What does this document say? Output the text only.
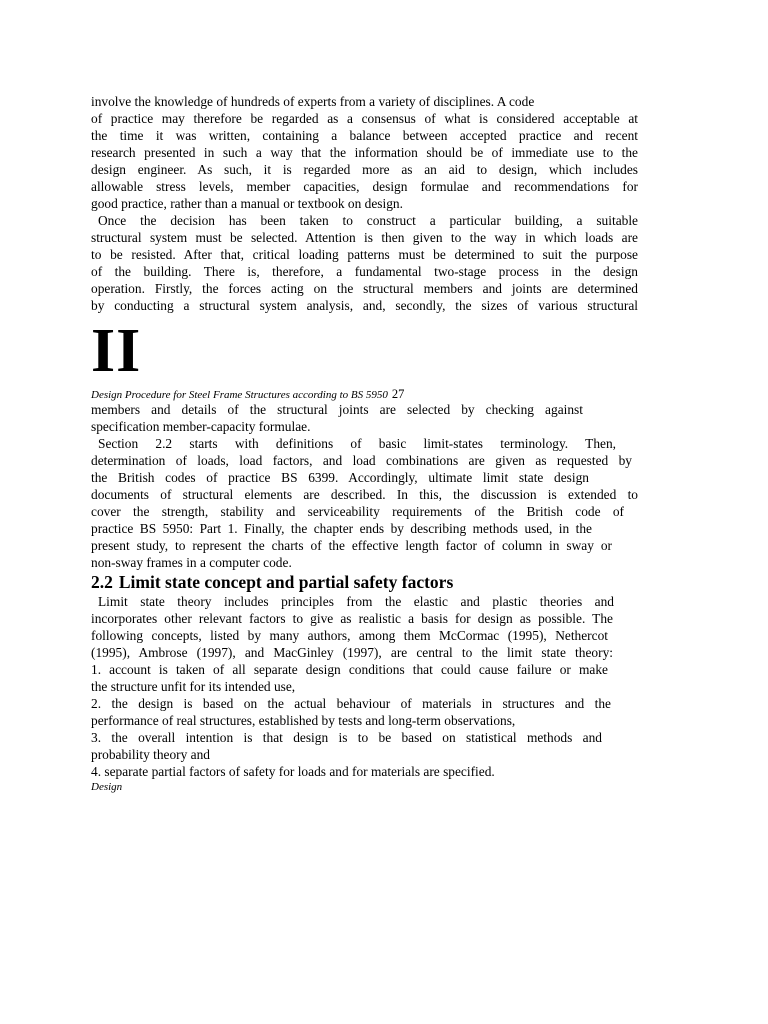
involve the knowledge of hundreds of experts from a variety of disciplines. A code
of practice may therefore be regarded as a consensus of what is considered acceptable at
the time it was written, containing a balance between accepted practice and recent
research presented in such a way that the information should be of immediate use to the
design engineer. As such, it is regarded more as an aid to design, which includes
allowable stress levels, member capacities, design formulae and recommendations for
good practice, rather than a manual or textbook on design.
Once the decision has been taken to construct a particular building, a suitable
structural system must be selected. Attention is then given to the way in which loads are
to be resisted. After that, critical loading patterns must be determined to suit the purpose
of the building. There is, therefore, a fundamental two-stage process in the design
operation. Firstly, the forces acting on the structural members and joints are determined
by conducting a structural system analysis, and, secondly, the sizes of various structural
II
Design Procedure for Steel Frame Structures according to BS 5950 27
members and details of the structural joints are selected by checking against
specification member-capacity formulae.
Section 2.2 starts with definitions of basic limit-states terminology. Then,
determination of loads, load factors, and load combinations are given as requested by
the British codes of practice BS 6399. Accordingly, ultimate limit state design
documents of structural elements are described. In this, the discussion is extended to
cover the strength, stability and serviceability requirements of the British code of
practice BS 5950: Part 1. Finally, the chapter ends by describing methods used, in the
present study, to represent the charts of the effective length factor of column in sway or
non-sway frames in a computer code.
2.2 Limit state concept and partial safety factors
Limit state theory includes principles from the elastic and plastic theories and
incorporates other relevant factors to give as realistic a basis for design as possible. The
following concepts, listed by many authors, among them McCormac (1995), Nethercot
(1995), Ambrose (1997), and MacGinley (1997), are central to the limit state theory:
1. account is taken of all separate design conditions that could cause failure or make
the structure unfit for its intended use,
2. the design is based on the actual behaviour of materials in structures and the
performance of real structures, established by tests and long-term observations,
3. the overall intention is that design is to be based on statistical methods and
probability theory and
4. separate partial factors of safety for loads and for materials are specified.
Design
